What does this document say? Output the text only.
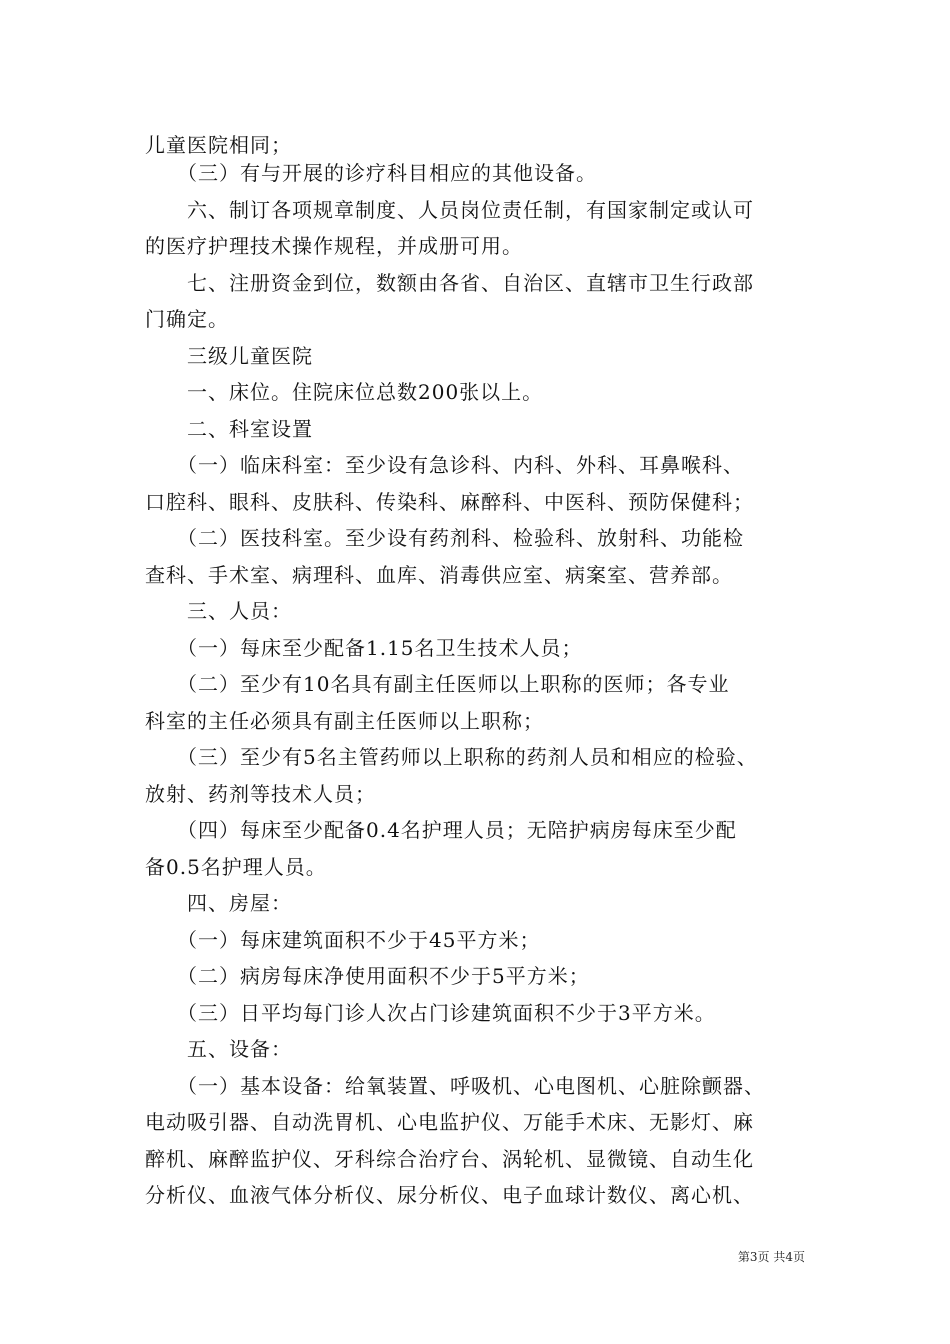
儿童医院相同；
　　（三）有与开展的诊疗科目相应的其他设备。
　　六、制订各项规章制度、人员岗位责任制，有国家制定或认可
的医疗护理技术操作规程，并成册可用。
　　七、注册资金到位，数额由各省、自治区、直辖市卫生行政部
门确定。
　　三级儿童医院
　　一、床位。住院床位总数200张以上。
　　二、科室设置
　　（一）临床科室：至少设有急诊科、内科、外科、耳鼻喉科、
口腔科、眼科、皮肤科、传染科、麻醉科、中医科、预防保健科；
　　（二）医技科室。至少设有药剂科、检验科、放射科、功能检
查科、手术室、病理科、血库、消毒供应室、病案室、营养部。
　　三、人员：
　　（一）每床至少配备1.15名卫生技术人员；
　　（二）至少有10名具有副主任医师以上职称的医师；各专业
科室的主任必须具有副主任医师以上职称；
　　（三）至少有5名主管药师以上职称的药剂人员和相应的检验、
放射、药剂等技术人员；
　　（四）每床至少配备0.4名护理人员；无陪护病房每床至少配
备0.5名护理人员。
　　四、房屋：
　　（一）每床建筑面积不少于45平方米；
　　（二）病房每床净使用面积不少于5平方米；
　　（三）日平均每门诊人次占门诊建筑面积不少于3平方米。
　　五、设备：
　　（一）基本设备：给氧装置、呼吸机、心电图机、心脏除颤器、
电动吸引器、自动洗胃机、心电监护仪、万能手术床、无影灯、麻
醉机、麻醉监护仪、牙科综合治疗台、涡轮机、显微镜、自动生化
分析仪、血液气体分析仪、尿分析仪、电子血球计数仪、离心机、
第3页 共4页
